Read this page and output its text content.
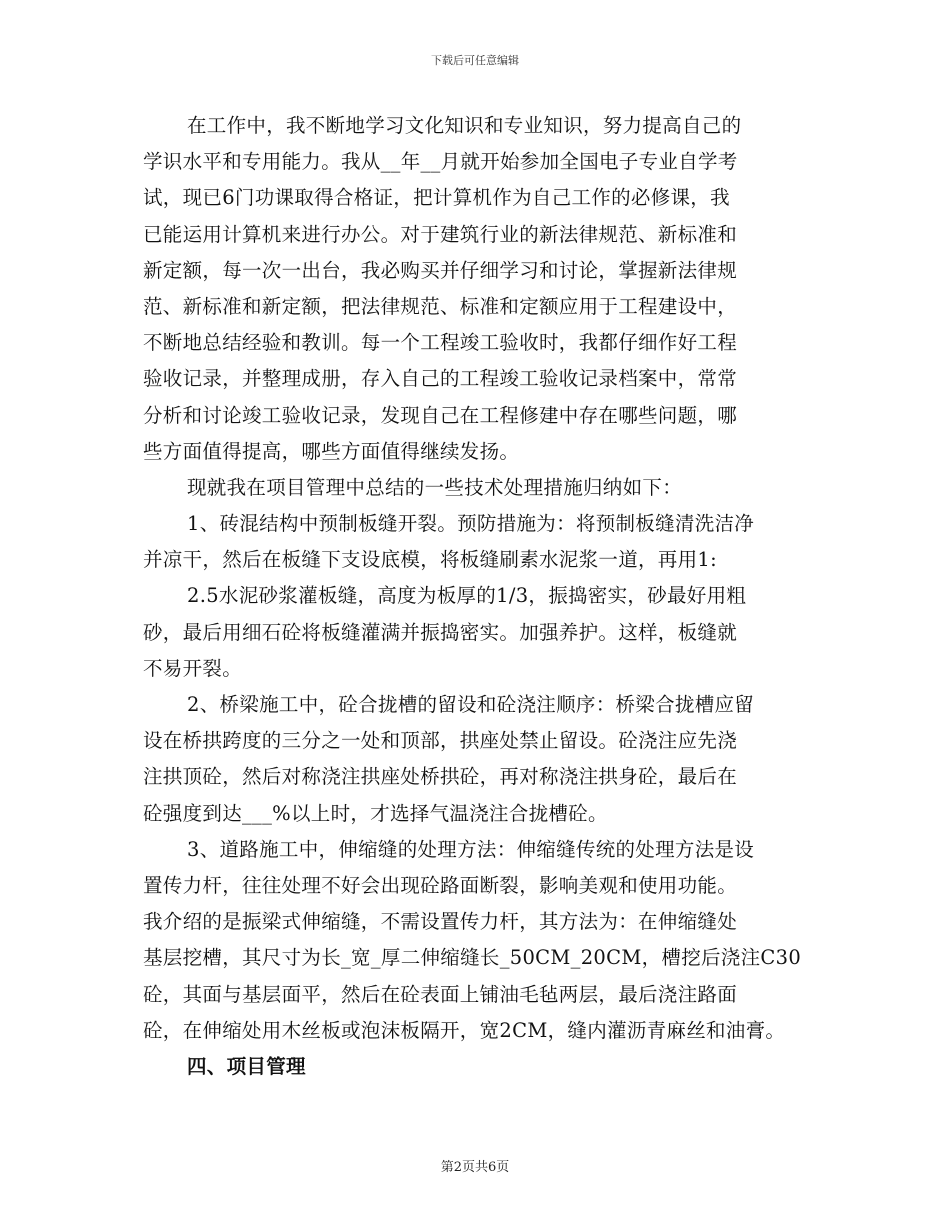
下载后可任意编辑
在工作中，我不断地学习文化知识和专业知识，努力提高自己的
学识水平和专用能力。我从__年__月就开始参加全国电子专业自学考
试，现已6门功课取得合格证，把计算机作为自己工作的必修课，我
已能运用计算机来进行办公。对于建筑行业的新法律规范、新标准和
新定额，每一次一出台，我必购买并仔细学习和讨论，掌握新法律规
范、新标准和新定额，把法律规范、标准和定额应用于工程建设中，
不断地总结经验和教训。每一个工程竣工验收时，我都仔细作好工程
验收记录，并整理成册，存入自己的工程竣工验收记录档案中，常常
分析和讨论竣工验收记录，发现自己在工程修建中存在哪些问题，哪
些方面值得提高，哪些方面值得继续发扬。
现就我在项目管理中总结的一些技术处理措施归纳如下：
1、砖混结构中预制板缝开裂。预防措施为：将预制板缝清洗洁净
并凉干，然后在板缝下支设底模，将板缝刷素水泥浆一道，再用1:
2.5水泥砂浆灌板缝，高度为板厚的1/3，振捣密实，砂最好用粗
砂，最后用细石砼将板缝灌满并振捣密实。加强养护。这样，板缝就
不易开裂。
2、桥梁施工中，砼合拢槽的留设和砼浇注顺序：桥梁合拢槽应留
设在桥拱跨度的三分之一处和顶部，拱座处禁止留设。砼浇注应先浇
注拱顶砼，然后对称浇注拱座处桥拱砼，再对称浇注拱身砼，最后在
砼强度到达___%以上时，才选择气温浇注合拢槽砼。
3、道路施工中，伸缩缝的处理方法：伸缩缝传统的处理方法是设
置传力杆，往往处理不好会出现砼路面断裂，影响美观和使用功能。
我介绍的是振梁式伸缩缝，不需设置传力杆，其方法为：在伸缩缝处
基层挖槽，其尺寸为长_宽_厚二伸缩缝长_50CM_20CM，槽挖后浇注C30
砼，其面与基层面平，然后在砼表面上铺油毛毡两层，最后浇注路面
砼，在伸缩处用木丝板或泡沫板隔开，宽2CM，缝内灌沥青麻丝和油膏。
四、项目管理
第2页共6页
